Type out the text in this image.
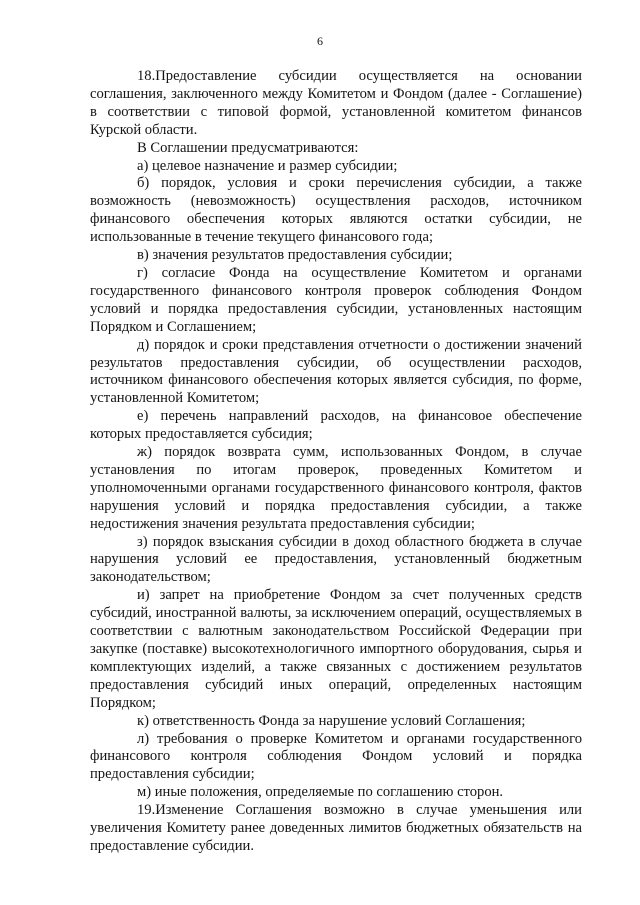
6

18.Предоставление субсидии осуществляется на основании соглашения, заключенного между Комитетом и Фондом (далее - Соглашение) в соответствии с типовой формой, установленной комитетом финансов Курской области.

В Соглашении предусматриваются:

а) целевое назначение и размер субсидии;

б) порядок, условия и сроки перечисления субсидии, а также возможность (невозможность) осуществления расходов, источником финансового обеспечения которых являются остатки субсидии, не использованные в течение текущего финансового года;

в) значения результатов предоставления субсидии;

г) согласие Фонда на осуществление Комитетом и органами государственного финансового контроля проверок соблюдения Фондом условий и порядка предоставления субсидии, установленных настоящим Порядком и Соглашением;

д) порядок и сроки представления отчетности о достижении значений результатов предоставления субсидии, об осуществлении расходов, источником финансового обеспечения которых является субсидия, по форме, установленной Комитетом;

е) перечень направлений расходов, на финансовое обеспечение которых предоставляется субсидия;

ж) порядок возврата сумм, использованных Фондом, в случае установления по итогам проверок, проведенных Комитетом и уполномоченными органами государственного финансового контроля, фактов нарушения условий и порядка предоставления субсидии, а также недостижения значения результата предоставления субсидии;

з) порядок взыскания субсидии в доход областного бюджета в случае нарушения условий ее предоставления, установленный бюджетным законодательством;

и) запрет на приобретение Фондом за счет полученных средств субсидий, иностранной валюты, за исключением операций, осуществляемых в соответствии с валютным законодательством Российской Федерации при закупке (поставке) высокотехнологичного импортного оборудования, сырья и комплектующих изделий, а также связанных с достижением результатов предоставления субсидий иных операций, определенных настоящим Порядком;

к) ответственность Фонда за нарушение условий Соглашения;

л) требования о проверке Комитетом и органами государственного финансового контроля соблюдения Фондом условий и порядка предоставления субсидии;

м) иные положения, определяемые по соглашению сторон.

19.Изменение Соглашения возможно в случае уменьшения или увеличения Комитету ранее доведенных лимитов бюджетных обязательств на предоставление субсидии.
